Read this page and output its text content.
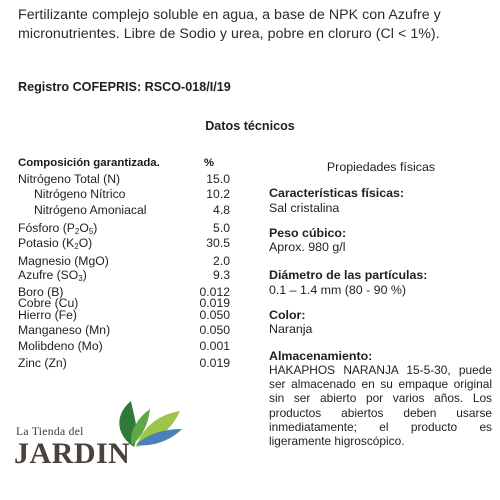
Fertilizante complejo soluble en agua, a base de NPK con Azufre y micronutrientes. Libre de Sodio y urea, pobre en cloruro (Cl < 1%).
Registro COFEPRIS: RSCO-018/I/19
Datos técnicos
Composición garantizada.	%
Nitrógeno Total (N)	15.0
Nitrógeno Nítrico	10.2
Nitrógeno Amoniacal	4.8
Fósforo $(P_2O_5)$	5.0
Potasio $(K_2O)$	30.5
Magnesio (MgO)	2.0
Azufre $(SO_3)$	9.3
Boro (B)	0.012
Cobre (Cu)	0.019
Hierro (Fe)	0.050
Manganeso (Mn)	0.050
Molibdeno (Mo)	0.001
Zinc (Zn)	0.019
Propiedades físicas
Características físicas:
Sal cristalina
Peso cúbico:
Aprox. 980 g/l
Diámetro de las partículas:
0.1 – 1.4 mm (80 - 90 %)
Color:
Naranja
Almacenamiento:
HAKAPHOS NARANJA 15-5-30, puede ser almacenado en su empaque original sin ser abierto por varios años. Los productos abiertos deben usarse inmediatamente; el producto es ligeramente higroscópico.
La Tienda del
JARDIN
